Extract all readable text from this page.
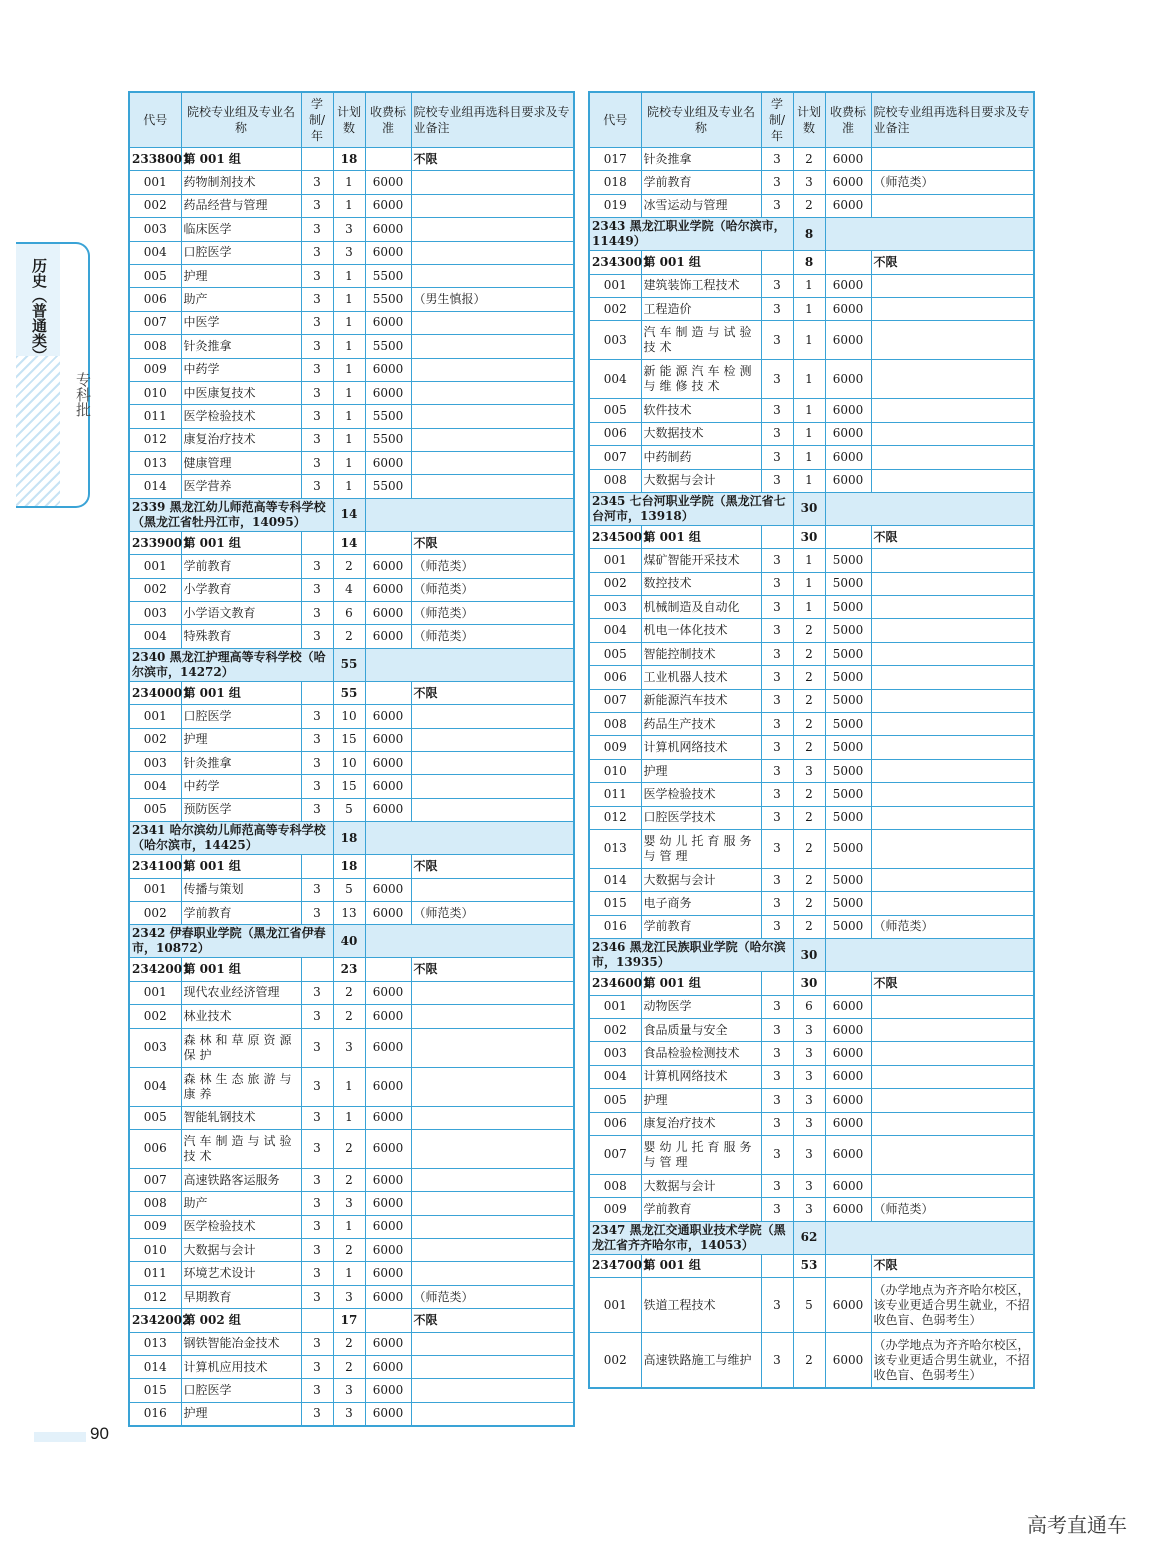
历史（普通类）
专科批
代号	院校专业组及专业名称	学制/年	计划数	收费标准	院校专业组再选科目要求及专业备注
2338001	第 001 组		18		不限
001	药物制剂技术	3	1	6000	
002	药品经营与管理	3	1	6000	
003	临床医学	3	3	6000	
004	口腔医学	3	3	6000	
005	护理	3	1	5500	
006	助产	3	1	5500	（男生慎报）
007	中医学	3	1	6000	
008	针灸推拿	3	1	5500	
009	中药学	3	1	6000	
010	中医康复技术	3	1	6000	
011	医学检验技术	3	1	5500	
012	康复治疗技术	3	1	5500	
013	健康管理	3	1	6000	
014	医学营养	3	1	5500	
2339 黑龙江幼儿师范高等专科学校（黑龙江省牡丹江市，14095）			14		
2339001	第 001 组		14		不限
001	学前教育	3	2	6000	（师范类）
002	小学教育	3	4	6000	（师范类）
003	小学语文教育	3	6	6000	（师范类）
004	特殊教育	3	2	6000	（师范类）
2340 黑龙江护理高等专科学校（哈尔滨市，14272）			55		
2340001	第 001 组		55		不限
001	口腔医学	3	10	6000	
002	护理	3	15	6000	
003	针灸推拿	3	10	6000	
004	中药学	3	15	6000	
005	预防医学	3	5	6000	
2341 哈尔滨幼儿师范高等专科学校（哈尔滨市，14425）			18		
2341001	第 001 组		18		不限
001	传播与策划	3	5	6000	
002	学前教育	3	13	6000	（师范类）
2342 伊春职业学院（黑龙江省伊春市，10872）			40		
2342001	第 001 组		23		不限
001	现代农业经济管理	3	2	6000	
002	林业技术	3	2	6000	
003	森林和草原资源保护	3	3	6000	
004	森林生态旅游与康养	3	1	6000	
005	智能轧钢技术	3	1	6000	
006	汽车制造与试验技术	3	2	6000	
007	高速铁路客运服务	3	2	6000	
008	助产	3	3	6000	
009	医学检验技术	3	1	6000	
010	大数据与会计	3	2	6000	
011	环境艺术设计	3	1	6000	
012	早期教育	3	3	6000	（师范类）
2342002	第 002 组		17		不限
013	钢铁智能冶金技术	3	2	6000	
014	计算机应用技术	3	2	6000	
015	口腔医学	3	3	6000	
016	护理	3	3	6000	
代号	院校专业组及专业名称	学制/年	计划数	收费标准	院校专业组再选科目要求及专业备注
017	针灸推拿	3	2	6000	
018	学前教育	3	3	6000	（师范类）
019	冰雪运动与管理	3	2	6000	
2343 黑龙江职业学院（哈尔滨市，11449）			8		
2343001	第 001 组		8		不限
001	建筑装饰工程技术	3	1	6000	
002	工程造价	3	1	6000	
003	汽车制造与试验技术	3	1	6000	
004	新能源汽车检测与维修技术	3	1	6000	
005	软件技术	3	1	6000	
006	大数据技术	3	1	6000	
007	中药制药	3	1	6000	
008	大数据与会计	3	1	6000	
2345 七台河职业学院（黑龙江省七台河市，13918）			30		
2345001	第 001 组		30		不限
001	煤矿智能开采技术	3	1	5000	
002	数控技术	3	1	5000	
003	机械制造及自动化	3	1	5000	
004	机电一体化技术	3	2	5000	
005	智能控制技术	3	2	5000	
006	工业机器人技术	3	2	5000	
007	新能源汽车技术	3	2	5000	
008	药品生产技术	3	2	5000	
009	计算机网络技术	3	2	5000	
010	护理	3	3	5000	
011	医学检验技术	3	2	5000	
012	口腔医学技术	3	2	5000	
013	婴幼儿托育服务与管理	3	2	5000	
014	大数据与会计	3	2	5000	
015	电子商务	3	2	5000	
016	学前教育	3	2	5000	（师范类）
2346 黑龙江民族职业学院（哈尔滨市，13935）			30		
2346001	第 001 组		30		不限
001	动物医学	3	6	6000	
002	食品质量与安全	3	3	6000	
003	食品检验检测技术	3	3	6000	
004	计算机网络技术	3	3	6000	
005	护理	3	3	6000	
006	康复治疗技术	3	3	6000	
007	婴幼儿托育服务与管理	3	3	6000	
008	大数据与会计	3	3	6000	
009	学前教育	3	3	6000	（师范类）
2347 黑龙江交通职业技术学院（黑龙江省齐齐哈尔市，14053）			62		
2347001	第 001 组		53		不限
001	铁道工程技术	3	5	6000	（办学地点为齐齐哈尔校区，该专业更适合男生就业，不招收色盲、色弱考生）
002	高速铁路施工与维护	3	2	6000	（办学地点为齐齐哈尔校区，该专业更适合男生就业，不招收色盲、色弱考生）
90
高考直通车
